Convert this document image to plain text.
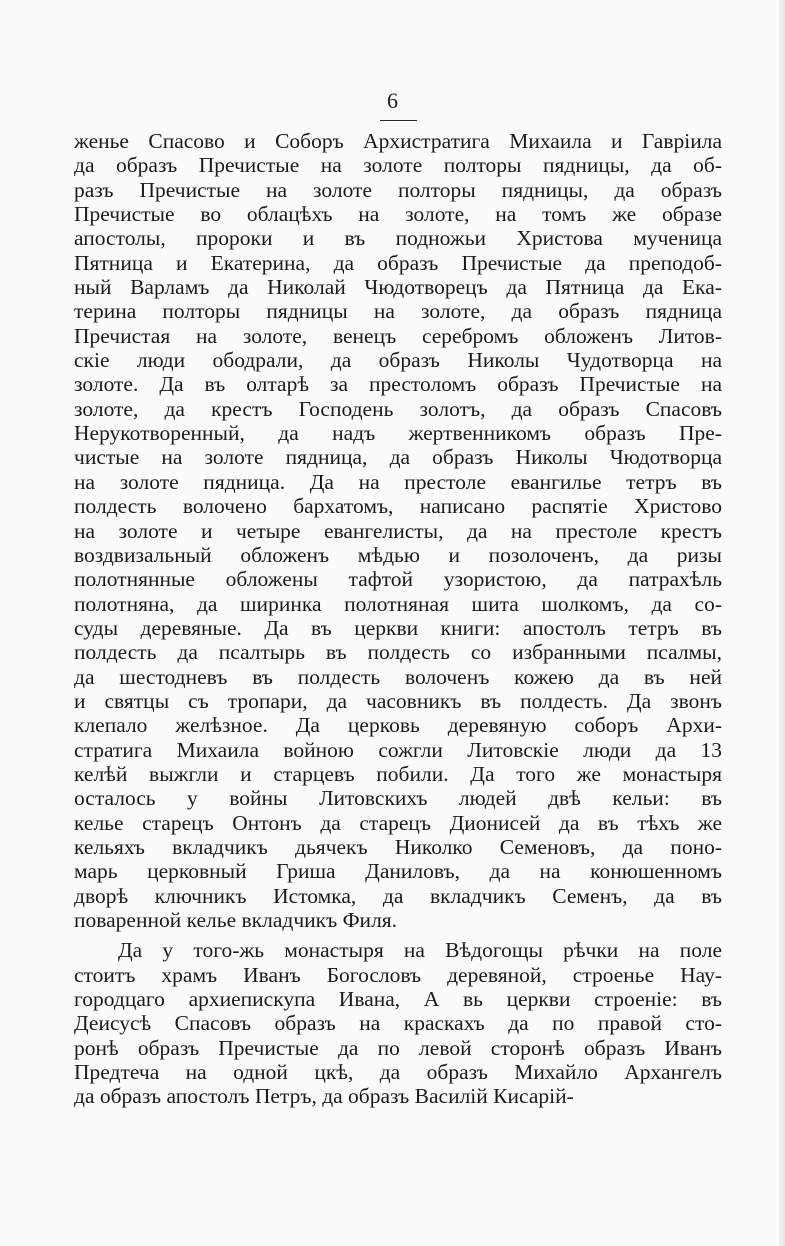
6
женье Спасово и Соборъ Архистратига Михаила и Гавріила
да образъ Пречистые на золоте полторы пядницы, да об-
разъ Пречистые на золоте полторы пядницы, да образъ
Пречистые во облацѣхъ на золоте, на томъ же образе
апостолы, пророки и въ подножьи Христова мученица
Пятница и Екатерина, да образъ Пречистые да преподоб-
ный Варламъ да Николай Чюдотворецъ да Пятница да Ека-
терина полторы пядницы на золоте, да образъ пядница
Пречистая на золоте, венецъ серебромъ обложенъ Литов-
скіе люди ободрали, да образъ Николы Чудотворца на
золоте. Да въ олтарѣ за престоломъ образъ Пречистые на
золоте, да крестъ Господень золотъ, да образъ Спасовъ
Нерукотворенный, да надъ жертвенникомъ образъ Пре-
чистые на золоте пядница, да образъ Николы Чюдотворца
на золоте пядница. Да на престоле евангилье тетръ въ
полдесть волочено бархатомъ, написано распятіе Христово
на золоте и четыре евангелисты, да на престоле крестъ
воздвизальный обложенъ мѣдью и позолоченъ, да ризы
полотнянные обложены тафтой узористою, да патрахѣль
полотняна, да ширинка полотняная шита шолкомъ, да со-
суды деревяные. Да въ церкви книги: апостолъ тетръ въ
полдесть да псалтырь въ полдесть со избранными псалмы,
да шестодневъ въ полдесть волоченъ кожею да въ ней
и святцы съ тропари, да часовникъ въ полдесть. Да звонъ
клепало желѣзное. Да церковь деревяную соборъ Архи-
стратига Михаила войною сожгли Литовскіе люди да 13
келѣй выжгли и старцевъ побили. Да того же монастыря
осталось у войны Литовскихъ людей двѣ кельи: въ
келье старецъ Онтонъ да старецъ Дионисей да въ тѣхъ же
кельяхъ вкладчикъ дьячекъ Николко Семеновъ, да поно-
марь церковный Гриша Даниловъ, да на конюшенномъ
дворѣ ключникъ Истомка, да вкладчикъ Семенъ, да въ
поваренной келье вкладчикъ Филя.
Да у того-жь монастыря на Вѣдогощы рѣчки на поле
стоитъ храмъ Иванъ Богословъ деревяной, строенье Нау-
городцаго архиепискупа Ивана, А вь церкви строеніе: въ
Деисусѣ Спасовъ образъ на краскахъ да по правой сто-
ронѣ образъ Пречистые да по левой сторонѣ образъ Иванъ
Предтеча на одной цкѣ, да образъ Михайло Архангелъ
да образъ апостолъ Петръ, да образъ Василій Кисарій-
